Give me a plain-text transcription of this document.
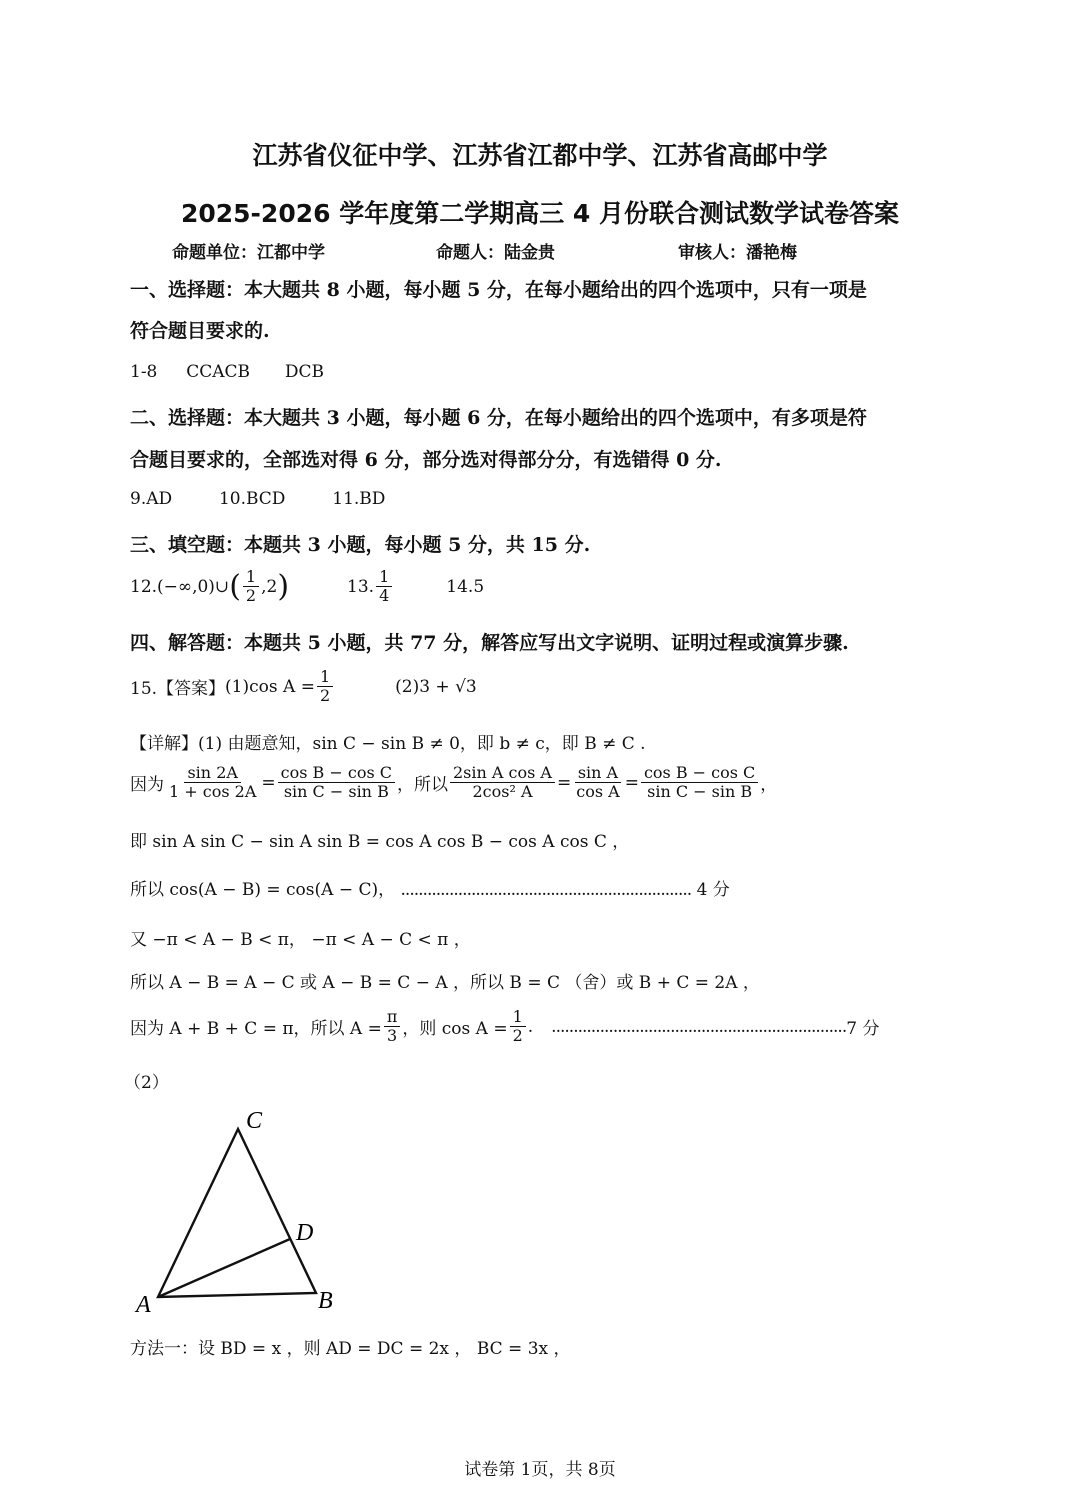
江苏省仪征中学、江苏省江都中学、江苏省高邮中学
2025-2026 学年度第二学期高三 4 月份联合测试数学试卷答案
命题单位：江都中学	命题人：陆金贵	审核人：潘艳梅
一、选择题：本大题共 8 小题，每小题 5 分，在每小题给出的四个选项中，只有一项是
符合题目要求的.
1-8 CCACB DCB
二、选择题：本大题共 3 小题，每小题 6 分，在每小题给出的四个选项中，有多项是符
合题目要求的，全部选对得 6 分，部分选对得部分分，有选错得 0 分.
9.AD	10.BCD	11.BD
三、填空题：本题共 3 小题，每小题 5 分，共 15 分.
12. (−∞,0)∪ ( $\frac{1}{2} ,2$ )	13. $\frac{1}{4}$	14.5
四、解答题：本题共 5 小题，共 77 分，解答应写出文字说明、证明过程或演算步骤.
15.【答案】 (1)cos $A = \frac{1}{2}$	(2)3 + √3
【详解】(1) 由题意知，sin C − sin B ≠ 0，即 b ≠ c，即 B ≠ C .
因为 $\frac{\sin 2A}{1 + \cos 2A} = \frac{\text{cos B − cos C}}{\text{sin C − sin B}}$ ，所以 $\frac{\text{2sin A cos A}}{\text{2cos² A}} = \frac{\text{sin A}}{\text{cos A}} = \frac{\text{cos B − cos C}}{\text{sin C − sin B}}$ ，
即 sin A sin C − sin A sin B = cos A cos B − cos A cos C ，
所以 cos(A − B) = cos(A − C)， .................................................................. 4 分
又 −π < A − B < π， −π < A − C < π ，
所以 A − B = A − C 或 A − B = C − A ，所以 B = C （舍）或 B + C = 2A ，
因为 A + B + C = π，所以 $A = \frac{\pi}{3}$ ，则 $\cos A = \frac{1}{2}$ . ................................................................... 7 分
（2）
C
D
A	B
方法一：设 BD = x ，则 AD = DC = 2x ， BC = 3x ，
试卷第 1页，共 8页
